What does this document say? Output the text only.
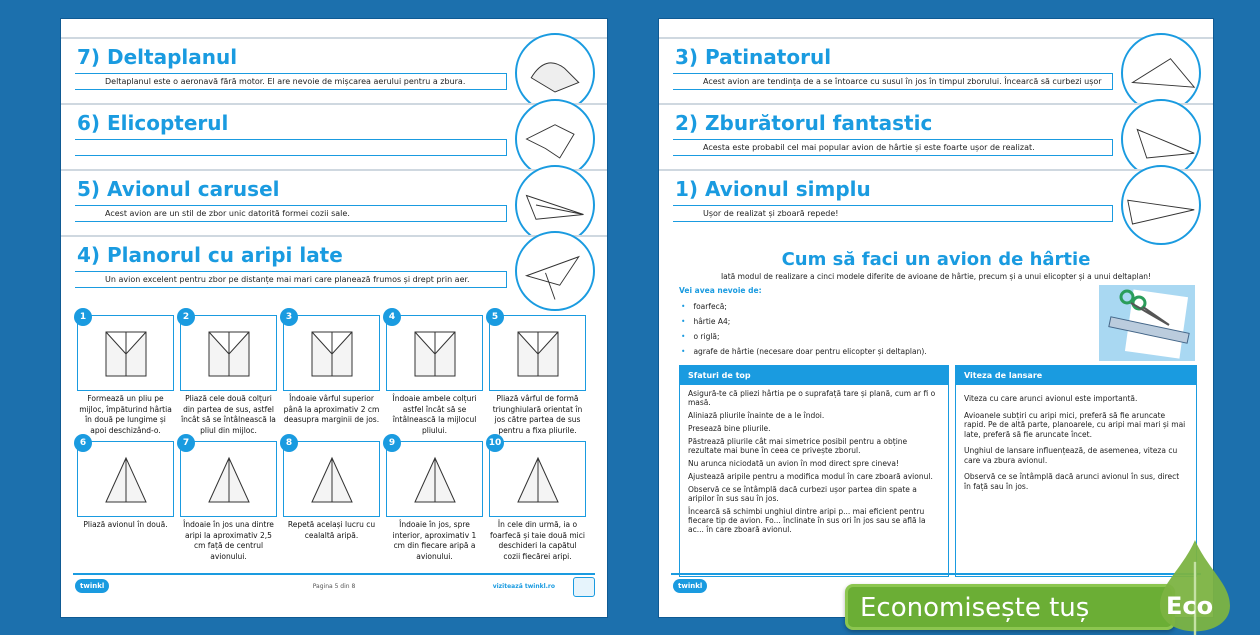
7) Deltaplanul
Deltaplanul este o aeronavă fără motor. El are nevoie de mișcarea aerului pentru a zbura.
6) Elicopterul
5) Avionul carusel
Acest avion are un stil de zbor unic datorită formei cozii sale.
4) Planorul cu aripi late
Un avion excelent pentru zbor pe distanțe mai mari care planează frumos și drept prin aer.
1

Formează un pliu pe mijloc, împăturind hârtia în două pe lungime și apoi deschizând-o.

2

Pliază cele două colțuri din partea de sus, astfel încât să se întâlnească la pliul din mijloc.

3

Îndoaie vârful superior până la aproximativ 2 cm deasupra marginii de jos.

4

Îndoaie ambele colțuri astfel încât să se întâlnească la mijlocul pliului.

5

Pliază vârful de formă triunghiulară orientat în jos către partea de sus pentru a fixa pliurile.

6

Pliază avionul în două.

7

Îndoaie în jos una dintre aripi la aproximativ 2,5 cm față de centrul avionului.

8

Repetă același lucru cu cealaltă aripă.

9

Îndoaie în jos, spre interior, aproximativ 1 cm din fiecare aripă a avionului.

10

În cele din urmă, ia o foarfecă și taie două mici deschideri la capătul cozii fiecărei aripi.

twinkl	Pagina 5 din 8	vizitează twinkl.ro
3) Patinatorul
Acest avion are tendința de a se întoarce cu susul în jos în timpul zborului. Încearcă să curbezi ușor
2) Zburătorul fantastic
Acesta este probabil cel mai popular avion de hârtie și este foarte ușor de realizat.
1) Avionul simplu
Ușor de realizat și zboară repede!
Cum să faci un avion de hârtie
Iată modul de realizare a cinci modele diferite de avioane de hârtie, precum și a unui elicopter și a unui deltaplan!
Vei avea nevoie de:
• foarfecă;
• hârtie A4;
• o riglă;
• agrafe de hârtie (necesare doar pentru elicopter și deltaplan).
Sfaturi de top

Asigură-te că pliezi hârtia pe o suprafață tare și plană, cum ar fi o masă.

Aliniază pliurile înainte de a le îndoi.

Presează bine pliurile.

Păstrează pliurile cât mai simetrice posibil pentru a obține rezultate mai bune în ceea ce privește zborul.

Nu arunca niciodată un avion în mod direct spre cineva!

Ajustează aripile pentru a modifica modul în care zboară avionul.

Observă ce se întâmplă dacă curbezi ușor partea din spate a aripilor în sus sau în jos.

Încearcă să schimbi unghiul dintre aripi p... mai eficient pentru fiecare tip de avion. Fo... înclinate în sus ori în jos sau se află la ac... în care zboară avionul.

Viteza de lansare

Viteza cu care arunci avionul este importantă.

Avioanele subțiri cu aripi mici, preferă să fie aruncate rapid. Pe de altă parte, planoarele, cu aripi mai mari și mai late, preferă să fie aruncate încet.

Unghiul de lansare influențează, de asemenea, viteza cu care va zbura avionul.

Observă ce se întâmplă dacă arunci avionul în sus, direct în față sau în jos.

twinkl
Economisește tuș	Eco
